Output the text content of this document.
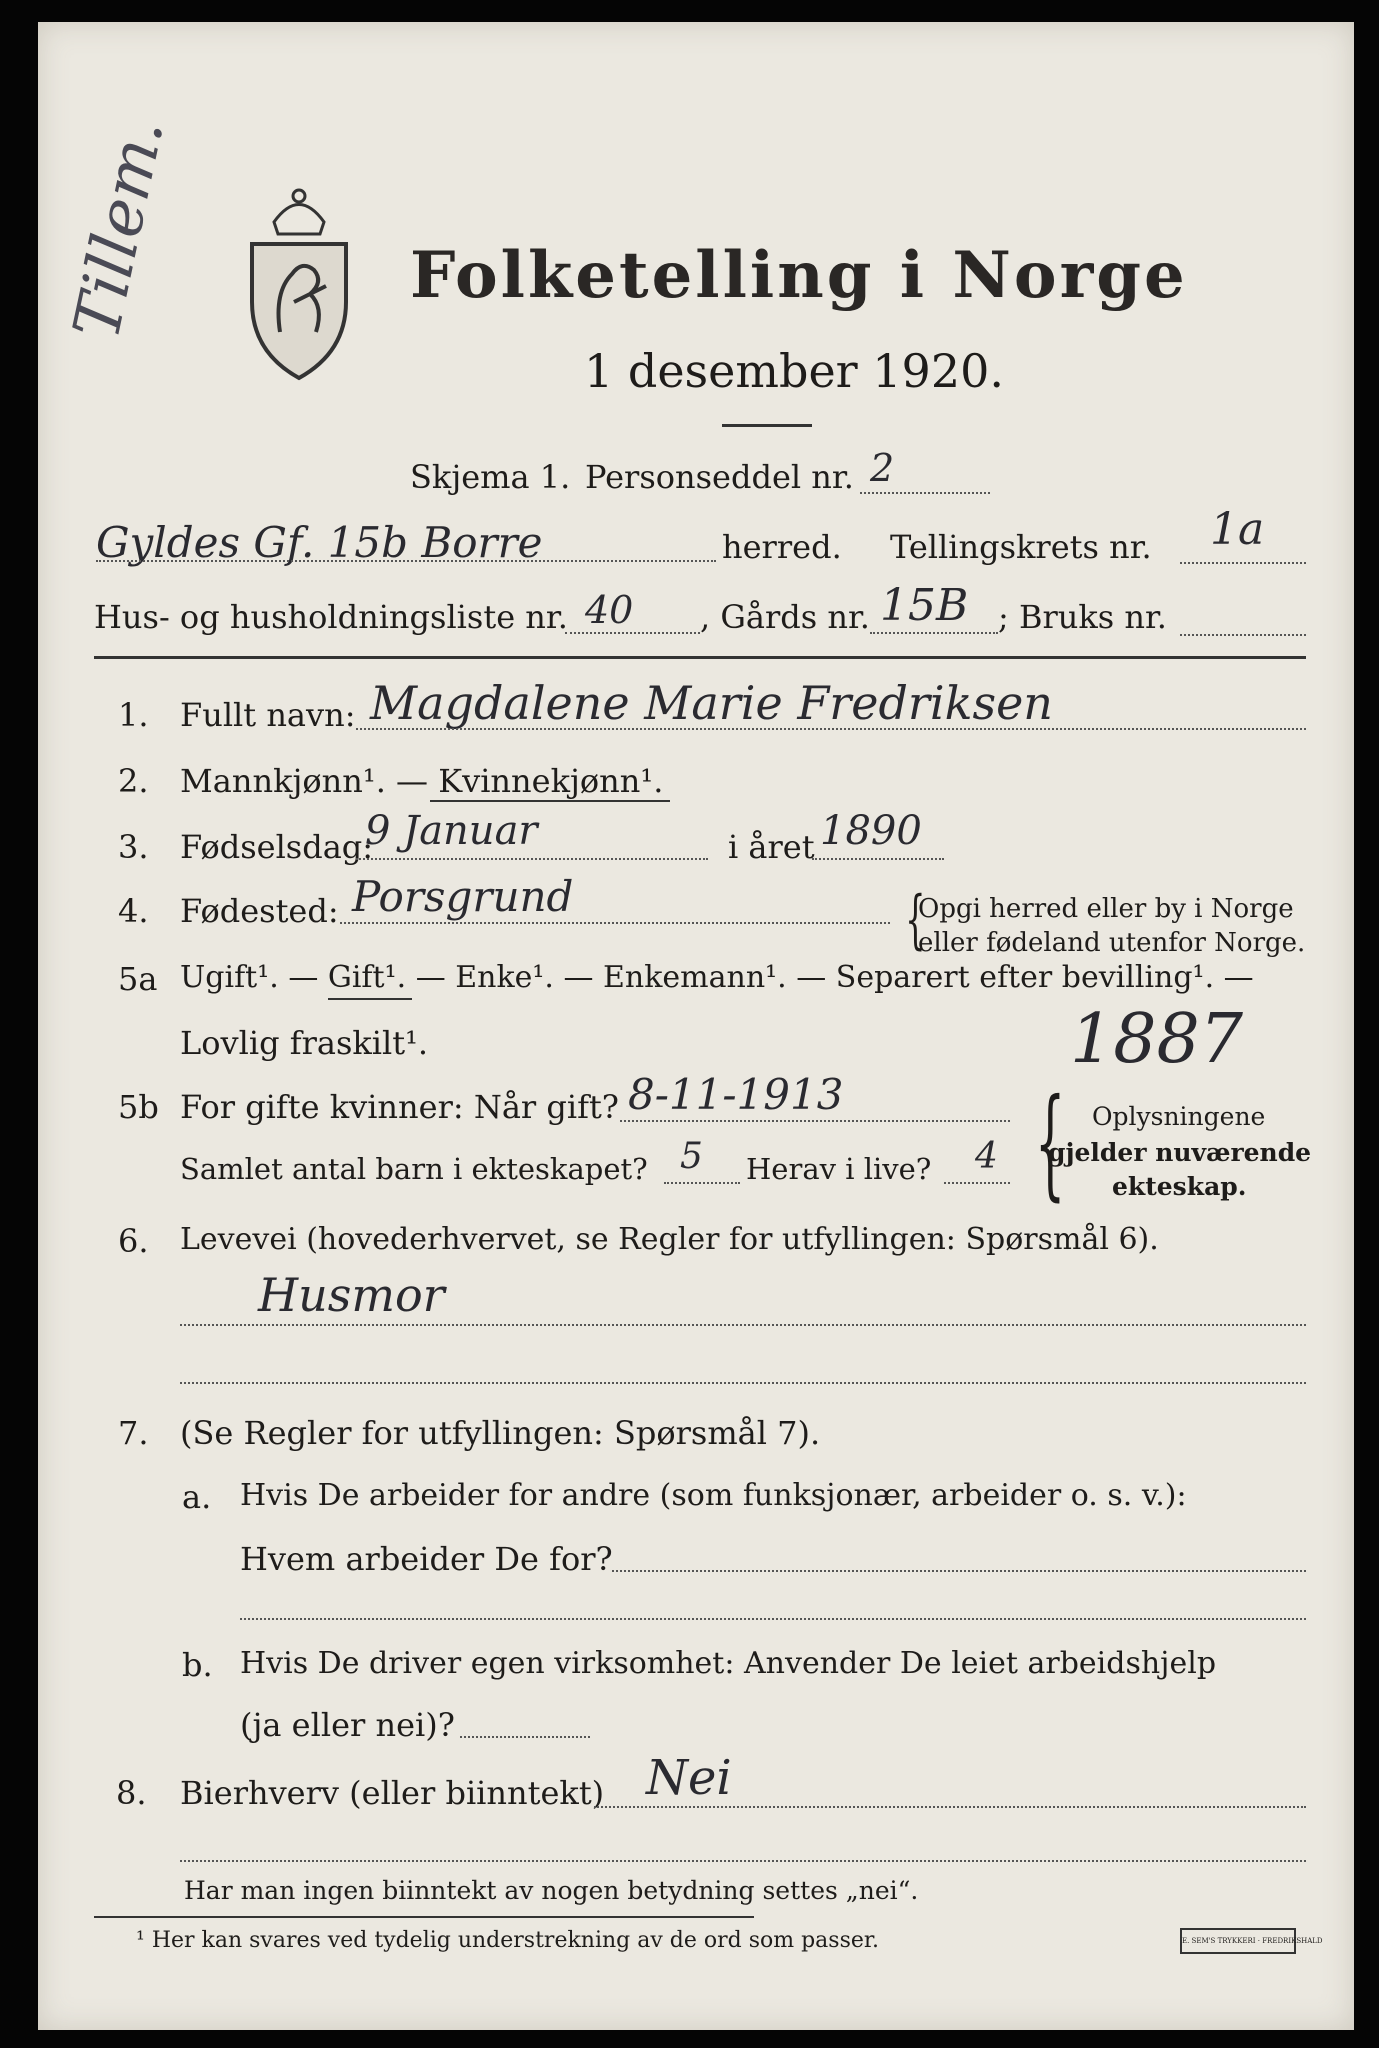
Tillem.	Folketelling i Norge
1 desember 1920.
Skjema 1. Personseddel nr. 2
Gyldes Gf. 15b Borre	herred. Tellingskrets nr. 1a
Hus- og husholdningsliste nr. 40 , Gårds nr. 15B ; Bruks nr.
1. Fullt navn: Magdalene Marie Fredriksen
2. Mannkjønn¹. — Kvinnekjønn¹.
3. Fødselsdag:
9 Januar	i året 1890
4. Fødested: Porsgrund	{
Opgi herred eller by i Norge
eller fødeland utenfor Norge.
5a Ugift¹. — Gift¹. — Enke¹. — Enkemann¹. — Separert efter bevilling¹. —
Lovlig fraskilt¹.	1887
5b For gifte kvinner: Når gift? 8-11-1913
Samlet antal barn i ekteskapet? 5 Herav i live? 4 { Oplysningene
gjelder nuværende
ekteskap.
6. Levevei (hovederhvervet, se Regler for utfyllingen: Spørsmål 6).
Husmor
7. (Se Regler for utfyllingen: Spørsmål 7).
a. Hvis De arbeider for andre (som funksjonær, arbeider o. s. v.):
Hvem arbeider De for?
b. Hvis De driver egen virksomhet: Anvender De leiet arbeidshjelp
(ja eller nei)?
8. Bierhverv (eller biinntekt) Nei
Har man ingen biinntekt av nogen betydning settes „nei“.
¹ Her kan svares ved tydelig understrekning av de ord som passer.	E. SEM'S TRYKKERI · FREDRIKSHALD
